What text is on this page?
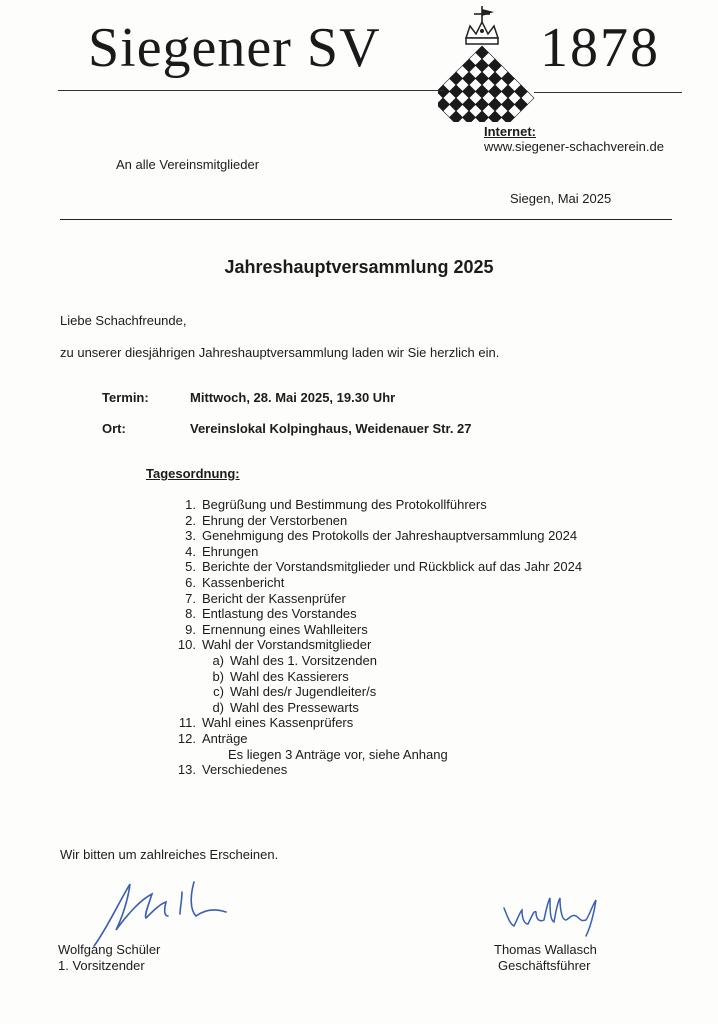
Siegener SV	1878
Internet:
www.siegener-schachverein.de
An alle Vereinsmitglieder
Siegen, Mai 2025
Jahreshauptversammlung 2025
Liebe Schachfreunde,
zu unserer diesjährigen Jahreshauptversammlung laden wir Sie herzlich ein.
Termin:	Mittwoch, 28. Mai 2025, 19.30 Uhr
Ort:	Vereinslokal Kolpinghaus, Weidenauer Str. 27
Tagesordnung:
1. Begrüßung und Bestimmung des Protokollführers
2. Ehrung der Verstorbenen
3. Genehmigung des Protokolls der Jahreshauptversammlung 2024
4. Ehrungen
5. Berichte der Vorstandsmitglieder und Rückblick auf das Jahr 2024
6. Kassenbericht
7. Bericht der Kassenprüfer
8. Entlastung des Vorstandes
9. Ernennung eines Wahlleiters
10. Wahl der Vorstandsmitglieder
a) Wahl des 1. Vorsitzenden
b) Wahl des Kassierers
c) Wahl des/r Jugendleiter/s
d) Wahl des Pressewarts
11. Wahl eines Kassenprüfers
12. Anträge
Es liegen 3 Anträge vor, siehe Anhang
13. Verschiedenes
Wir bitten um zahlreiches Erscheinen.
Wolfgang Schüler
1. Vorsitzender
Thomas Wallasch
Geschäftsführer
